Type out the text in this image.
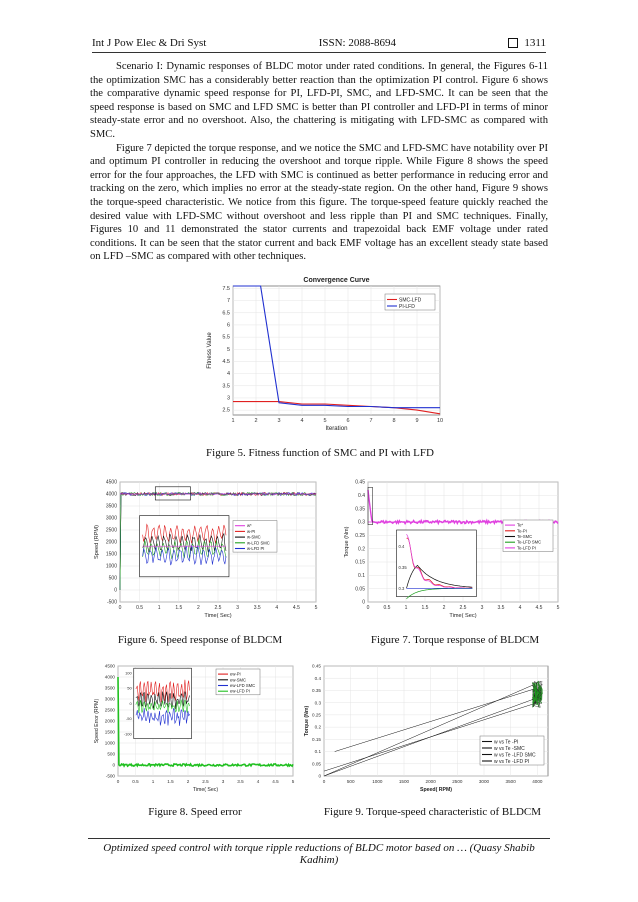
Int J Pow Elec & Dri Syst	ISSN: 2088-8694	1311

Scenario I: Dynamic responses of BLDC motor under rated conditions. In general, the Figures 6-11 the optimization SMC has a considerably better reaction than the optimization PI control. Figure 6 shows the comparative dynamic speed response for PI, LFD-PI, SMC, and LFD-SMC. It can be seen that the speed response is based on SMC and LFD SMC is better than PI controller and LFD-PI in terms of minor steady-state error and no overshoot. Also, the chattering is mitigating with LFD-SMC as compared with SMC.

Figure 7 depicted the torque response, and we notice the SMC and LFD-SMC have notability over PI and optimum PI controller in reducing the overshoot and torque ripple. While Figure 8 shows the speed error for the four approaches, the LFD with SMC is continued as better performance in reducing error and tracking on the zero, which implies no error at the steady-state region. On the other hand, Figure 9 shows the torque-speed characteristic. We notice from this figure. The torque-speed feature quickly reached the desired value with LFD-SMC without overshoot and less ripple than PI and SMC techniques. Finally, Figures 10 and 11 demonstrated the stator currents and trapezoidal back EMF voltage under rated conditions. It can be seen that the stator current and back EMF voltage has an excellent steady state based on LFD –SMC as compared with other techniques.

1	2	3	4	5	6	7	8	9	10
2.5
3
3.5
4
4.5
5
5.5
6
6.5
7
7.5
Iteration
Fitness Value
Convergence Curve
SMC-LFD
PI-LFD
Figure 5. Fitness function of SMC and PI with LFD
0	0.5	1	1.5	2	2.5	3	3.5	4	4.5	5
-500
0
500
1000
1500
2000
2500
3000
3500
4000
4500
Time( Sec)
Speed (RPM)	w*
w-PI
w-SMC
w-LFD SMC
w-LFD PI
Figure 6. Speed response of BLDCM
0	0.5	1	1.5	2	2.5	3	3.5	4	4.5	5
0
0.05
0.1
0.15
0.2
0.25
0.3
0.35
0.4
0.45
Time( Sec)
Torque (Nm)
0.3
0.35
0.4
Te*
Te-PI
Te-SMC
Te-LFD SMC
Te-LFD PI
Figure 7. Torque response of BLDCM
0	0.5	1	1.5	2	2.5	3	3.5	4	4.5	5
-500
0
500
1000
1500
2000
2500
3000
3500
4000
4500
Time( Sec)
Speed Error (RPM)
100
50
0
-50
-100
ew-PI
ew-SMC
ew-LFD SMC
ew-LFD PI
Figure 8. Speed error
0	500	1000	1500	2000	2500	3000	3500	4000
0
0.05
0.1
0.15
0.2
0.25
0.3
0.35
0.4
0.45
Speed( RPM)
Torque (Nm)
w vs Te -PI
w vs Te -SMC
w vs Te -LFD SMC
w vs Te -LFD PI
Figure 9. Torque-speed characteristic of BLDCM
Optimized speed control with torque ripple reductions of BLDC motor based on … (Quasy Shabib Kadhim)
